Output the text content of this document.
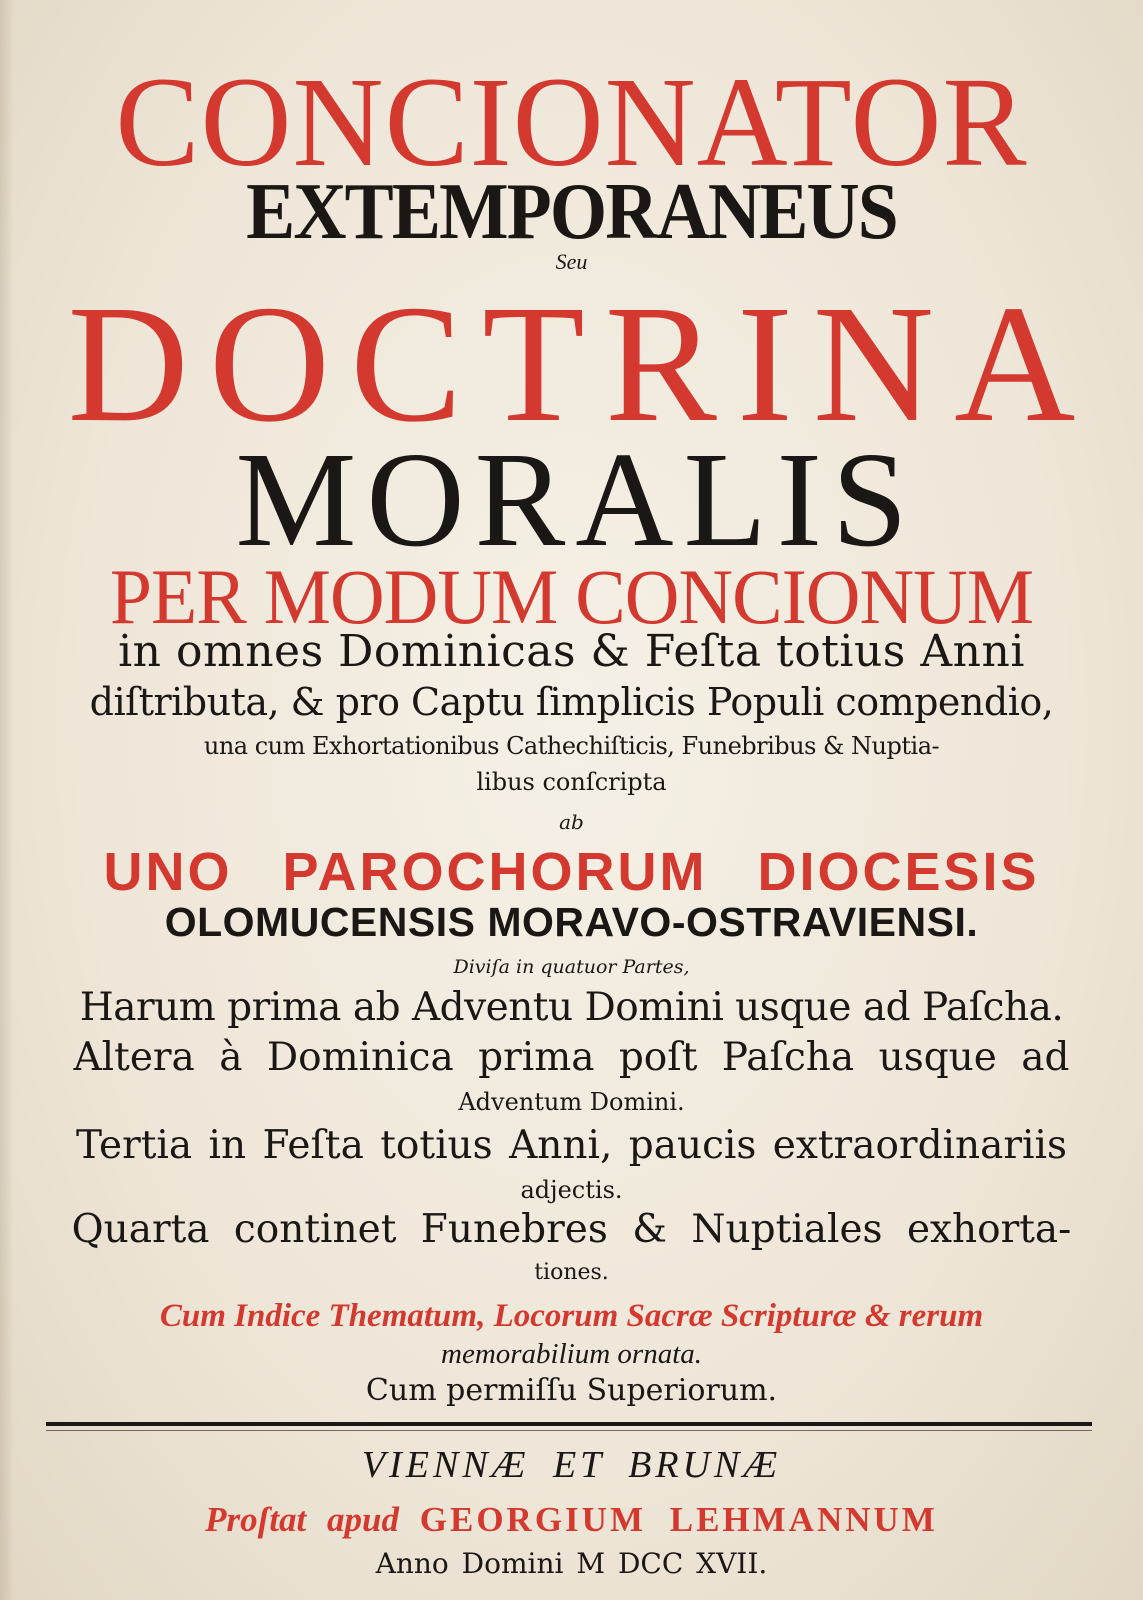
CONCIONATOR
EXTEMPORANEUS
Seu
DOCTRINA
MORALIS
PER MODUM CONCIONUM
in omnes Dominicas & Feſta totius Anni
diſtributa, & pro Captu ſimplicis Populi compendio,
una cum Exhortationibus Cathechiſticis, Funebribus & Nuptia-
libus conſcripta
ab
UNO PAROCHORUM DIOCESIS
OLOMUCENSIS MORAVO-OSTRAVIENSI.
Diviſa in quatuor Partes,
Harum prima ab Adventu Domini usque ad Paſcha.
Altera à Dominica prima poſt Paſcha usque ad
Adventum Domini.
Tertia in Feſta totius Anni, paucis extraordinariis
adjectis.
Quarta continet Funebres & Nuptiales exhorta-
tiones.
Cum Indice Thematum, Locorum Sacræ Scripturæ & rerum
memorabilium ornata.
Cum permiſſu Superiorum.
VIENNÆ ET BRUNÆ
Proſtat apud GEORGIUM LEHMANNUM
Anno Domini M DCC XVII.
